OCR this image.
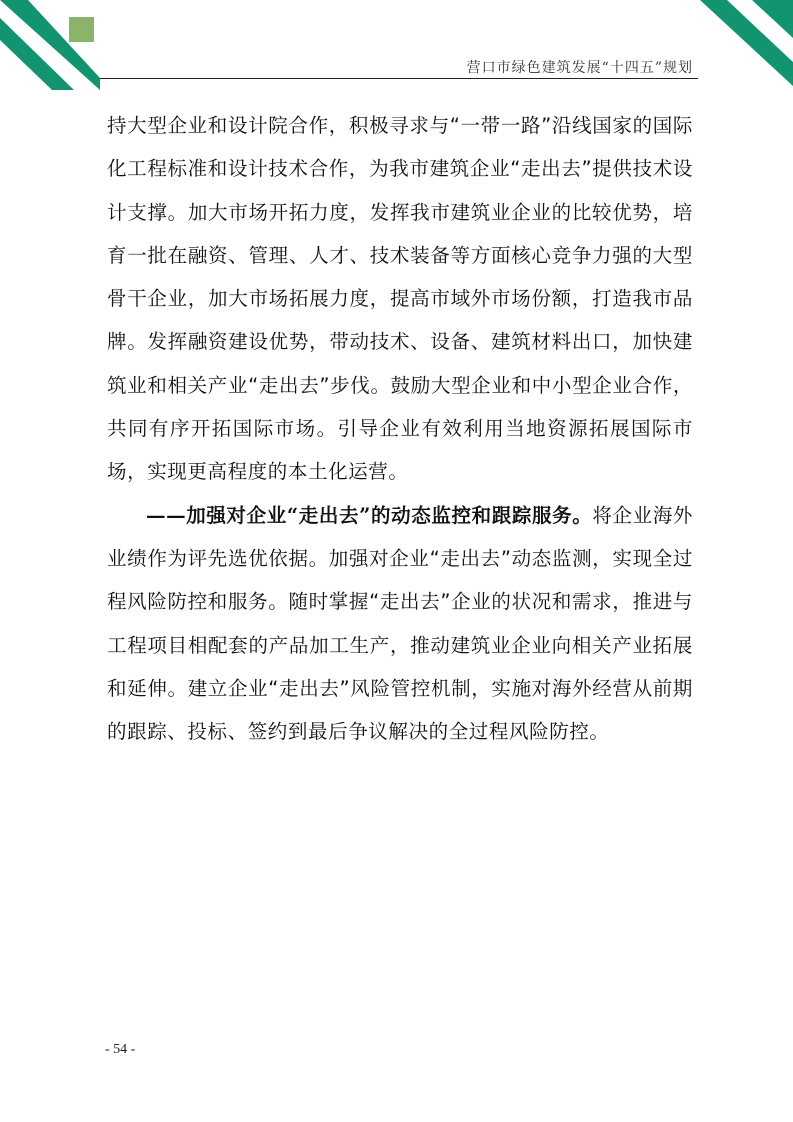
营口市绿色建筑发展“十四五”规划

持大型企业和设计院合作，积极寻求与“一带一路”沿线国家的国际化工程标准和设计技术合作，为我市建筑企业“走出去”提供技术设计支撑。加大市场开拓力度，发挥我市建筑业企业的比较优势，培育一批在融资、管理、人才、技术装备等方面核心竞争力强的大型骨干企业，加大市场拓展力度，提高市域外市场份额，打造我市品牌。发挥融资建设优势，带动技术、设备、建筑材料出口，加快建筑业和相关产业“走出去”步伐。鼓励大型企业和中小型企业合作，共同有序开拓国际市场。引导企业有效利用当地资源拓展国际市场，实现更高程度的本土化运营。

——加强对企业“走出去”的动态监控和跟踪服务。将企业海外业绩作为评先选优依据。加强对企业“走出去”动态监测，实现全过程风险防控和服务。随时掌握“走出去”企业的状况和需求，推进与工程项目相配套的产品加工生产，推动建筑业企业向相关产业拓展和延伸。建立企业“走出去”风险管控机制，实施对海外经营从前期的跟踪、投标、签约到最后争议解决的全过程风险防控。

- 54 -
